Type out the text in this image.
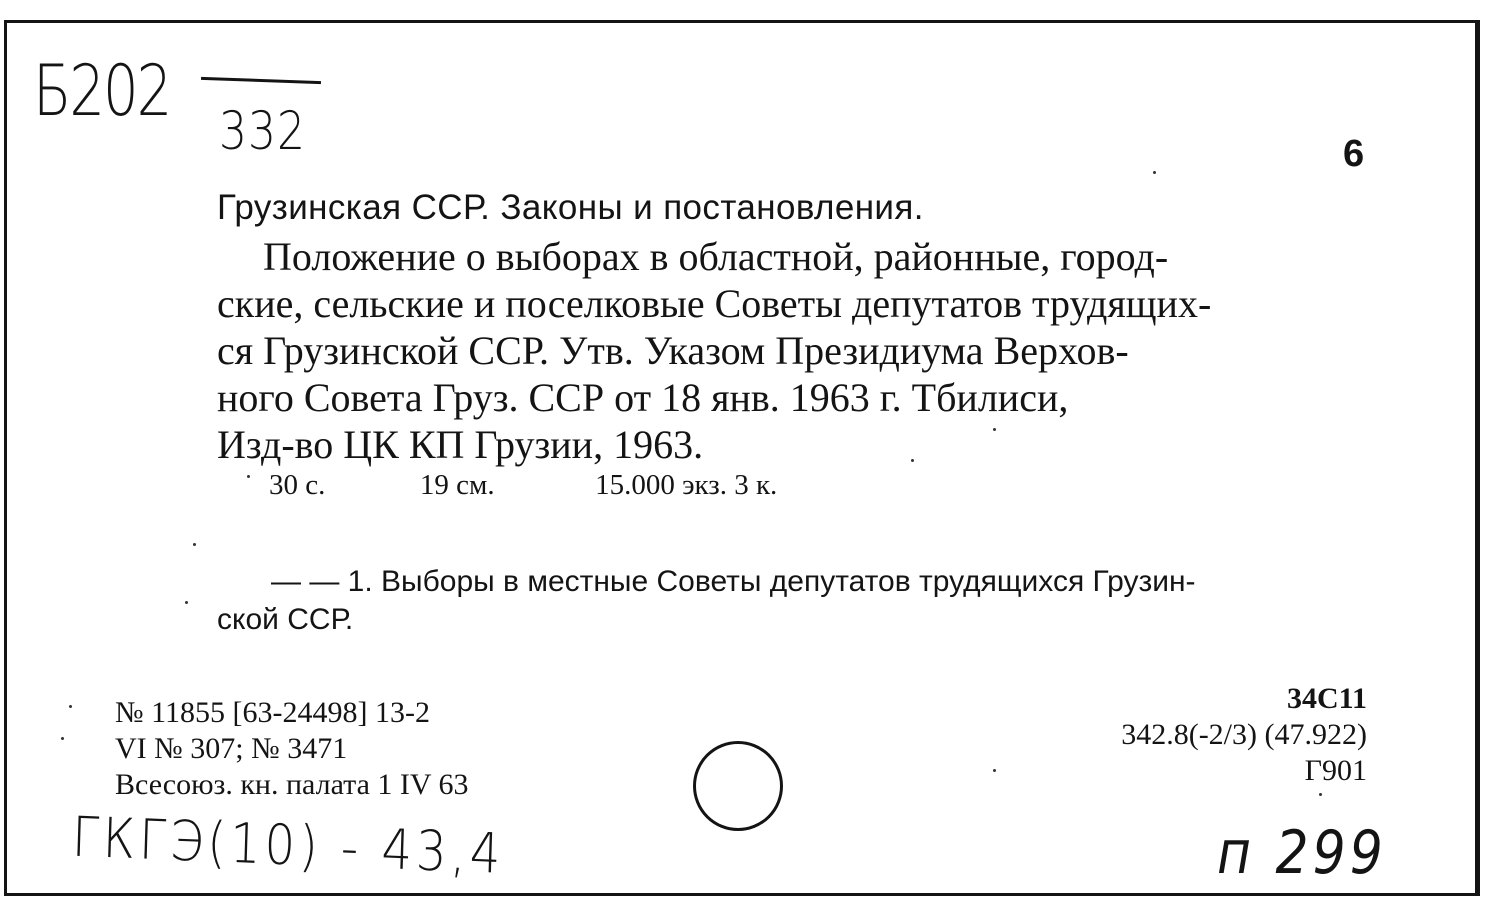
Б202 332	6
Грузинская ССР. Законы и постановления.
Положение о выборах в областной, районные, город-
ские, сельские и поселковые Советы депутатов трудящих-
ся Грузинской ССР. Утв. Указом Президиума Верхов-
ного Совета Груз. ССР от 18 янв. 1963 г. Тбилиси,
Изд-во ЦК КП Грузии, 1963.
30 с.	19 см.	15.000 экз. 3 к.
— — 1. Выборы в местные Советы депутатов трудящихся Грузин-
ской ССР.
№ 11855 [63-24498] 13-2
VI № 307; № 3471
Всесоюз. кн. палата 1 IV 63
34С11
342.8(-2/3) (47.922)
Г901
ГКГЭ(10) - 43,4	п 299
